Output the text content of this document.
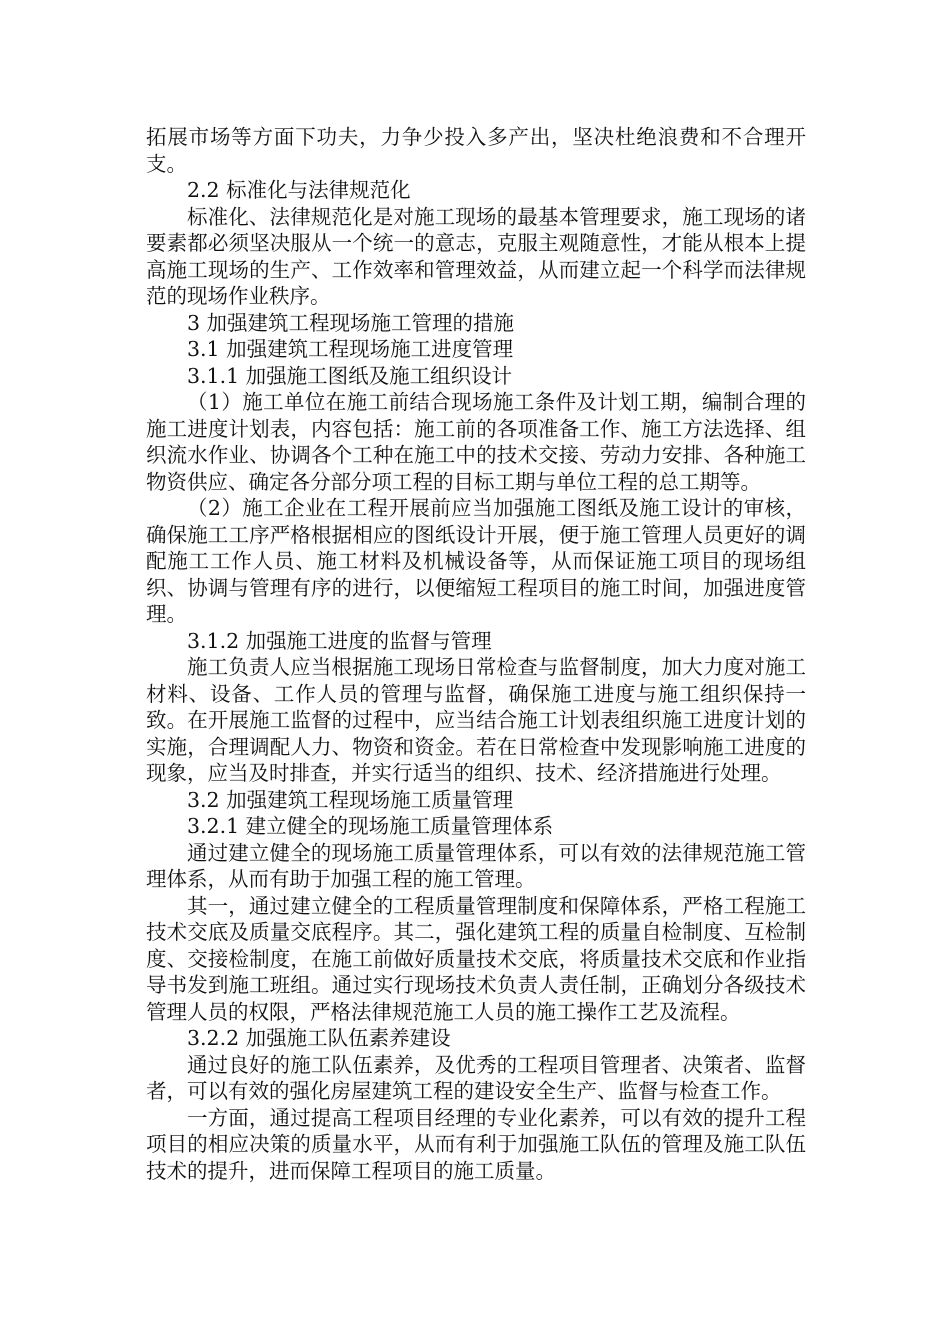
拓展市场等方面下功夫，力争少投入多产出，坚决杜绝浪费和不合理开支。

2.2 标准化与法律规范化

标准化、法律规范化是对施工现场的最基本管理要求，施工现场的诸要素都必须坚决服从一个统一的意志，克服主观随意性，才能从根本上提高施工现场的生产、工作效率和管理效益，从而建立起一个科学而法律规范的现场作业秩序。

3 加强建筑工程现场施工管理的措施

3.1 加强建筑工程现场施工进度管理

3.1.1 加强施工图纸及施工组织设计

（1）施工单位在施工前结合现场施工条件及计划工期，编制合理的施工进度计划表，内容包括：施工前的各项准备工作、施工方法选择、组织流水作业、协调各个工种在施工中的技术交接、劳动力安排、各种施工物资供应、确定各分部分项工程的目标工期与单位工程的总工期等。

（2）施工企业在工程开展前应当加强施工图纸及施工设计的审核，确保施工工序严格根据相应的图纸设计开展，便于施工管理人员更好的调配施工工作人员、施工材料及机械设备等，从而保证施工项目的现场组织、协调与管理有序的进行，以便缩短工程项目的施工时间，加强进度管理。

3.1.2 加强施工进度的监督与管理

施工负责人应当根据施工现场日常检查与监督制度，加大力度对施工材料、设备、工作人员的管理与监督，确保施工进度与施工组织保持一致。在开展施工监督的过程中，应当结合施工计划表组织施工进度计划的实施，合理调配人力、物资和资金。若在日常检查中发现影响施工进度的现象，应当及时排查，并实行适当的组织、技术、经济措施进行处理。

3.2 加强建筑工程现场施工质量管理

3.2.1 建立健全的现场施工质量管理体系

通过建立健全的现场施工质量管理体系，可以有效的法律规范施工管理体系，从而有助于加强工程的施工管理。

其一，通过建立健全的工程质量管理制度和保障体系，严格工程施工技术交底及质量交底程序。其二，强化建筑工程的质量自检制度、互检制度、交接检制度，在施工前做好质量技术交底，将质量技术交底和作业指导书发到施工班组。通过实行现场技术负责人责任制，正确划分各级技术管理人员的权限，严格法律规范施工人员的施工操作工艺及流程。

3.2.2 加强施工队伍素养建设

通过良好的施工队伍素养，及优秀的工程项目管理者、决策者、监督者，可以有效的强化房屋建筑工程的建设安全生产、监督与检查工作。

一方面，通过提高工程项目经理的专业化素养，可以有效的提升工程项目的相应决策的质量水平，从而有利于加强施工队伍的管理及施工队伍技术的提升，进而保障工程项目的施工质量。
